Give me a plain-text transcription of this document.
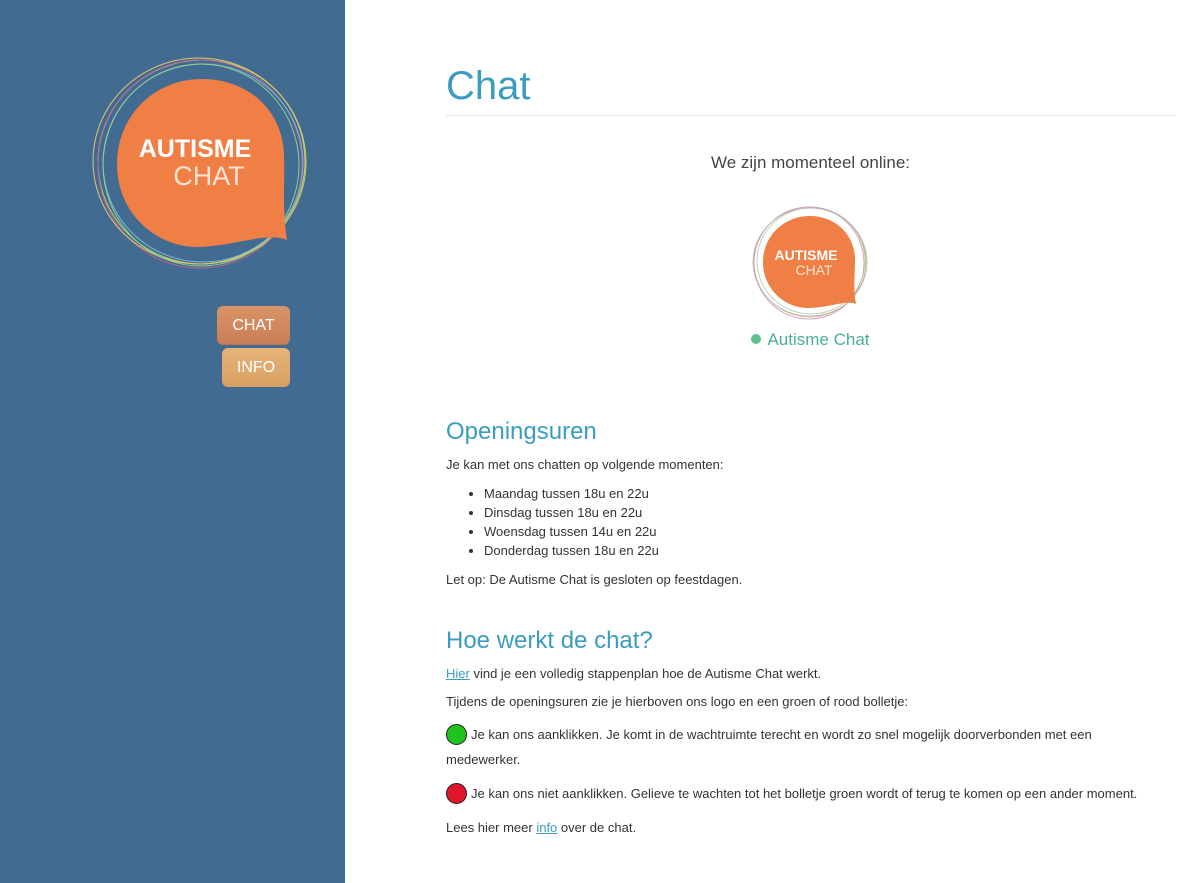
AUTISME
CHAT
CHAT
INFO
Chat
We zijn momenteel online:
AUTISME
CHAT
Autisme Chat
Openingsuren
Je kan met ons chatten op volgende momenten:
Maandag tussen 18u en 22u
Dinsdag tussen 18u en 22u
Woensdag tussen 14u en 22u
Donderdag tussen 18u en 22u
Let op: De Autisme Chat is gesloten op feestdagen.
Hoe werkt de chat?
Hier vind je een volledig stappenplan hoe de Autisme Chat werkt.
Tijdens de openingsuren zie je hierboven ons logo en een groen of rood bolletje:
Je kan ons aanklikken. Je komt in de wachtruimte terecht en wordt zo snel mogelijk doorverbonden met een medewerker.
Je kan ons niet aanklikken. Gelieve te wachten tot het bolletje groen wordt of terug te komen op een ander moment.
Lees hier meer info over de chat.
